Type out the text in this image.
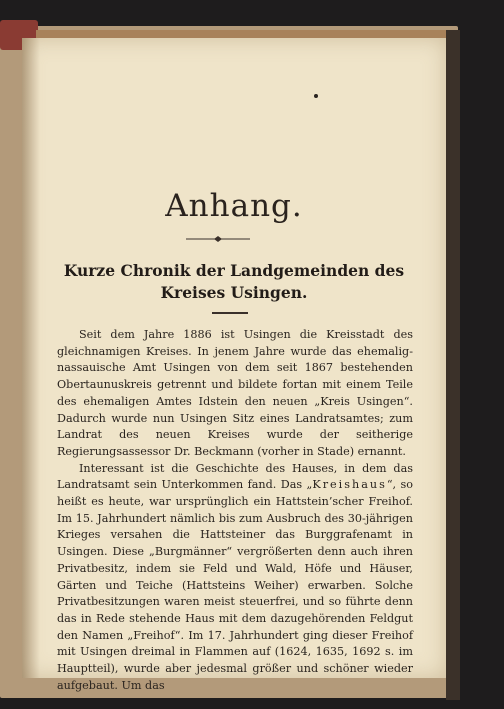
Anhang.
Kurze Chronik der Landgemeinden des
Kreises Usingen.

Seit dem Jahre 1886 ist Usingen die Kreisstadt des gleichnamigen Kreises. In jenem Jahre wurde das ehemalig-nassauische Amt Usingen von dem seit 1867 bestehenden Obertaunuskreis getrennt und bildete fortan mit einem Teile des ehemaligen Amtes Idstein den neuen „Kreis Usingen“. Dadurch wurde nun Usingen Sitz eines Landratsamtes; zum Landrat des neuen Kreises wurde der seitherige Regierungsassessor Dr. Beckmann (vorher in Stade) ernannt.

Interessant ist die Geschichte des Hauses, in dem das Landratsamt sein Unterkommen fand. Das „Kreishaus“, so heißt es heute, war ursprünglich ein Hattstein’scher Freihof. Im 15. Jahrhundert nämlich bis zum Ausbruch des 30-jährigen Krieges versahen die Hattsteiner das Burggrafenamt in Usingen. Diese „Burgmänner“ vergrößerten denn auch ihren Privatbesitz, indem sie Feld und Wald, Höfe und Häuser, Gärten und Teiche (Hattsteins Weiher) erwarben. Solche Privatbesitzungen waren meist steuerfrei, und so führte denn das in Rede stehende Haus mit dem dazugehörenden Feldgut den Namen „Freihof“. Im 17. Jahrhundert ging dieser Freihof mit Usingen dreimal in Flammen auf (1624, 1635, 1692 s. im Hauptteil), wurde aber jedesmal größer und schöner wieder aufgebaut. Um das
